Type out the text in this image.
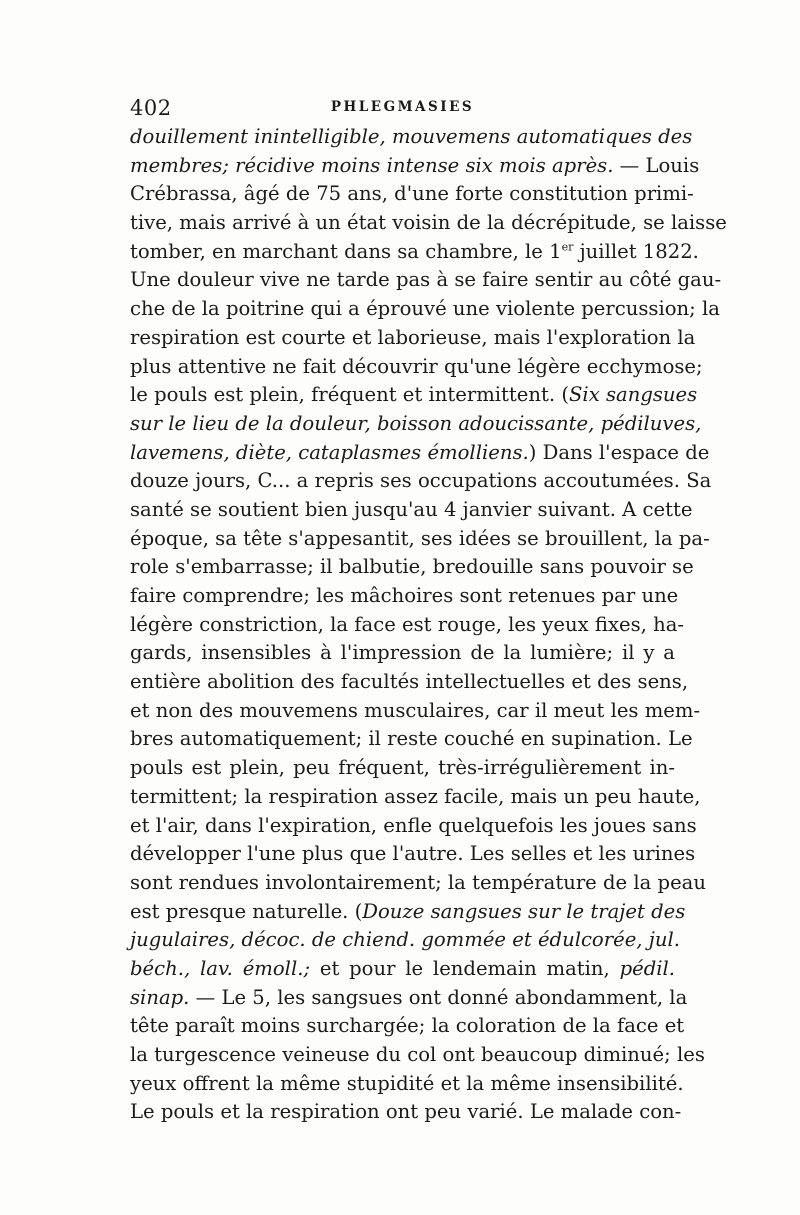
402	PHLEGMASIES
douillement inintelligible, mouvemens automatiques des
membres; récidive moins intense six mois après. — Louis
Crébrassa, âgé de 75 ans, d'une forte constitution primi-
tive, mais arrivé à un état voisin de la décrépitude, se laisse
tomber, en marchant dans sa chambre, le 1er juillet 1822.
Une douleur vive ne tarde pas à se faire sentir au côté gau-
che de la poitrine qui a éprouvé une violente percussion; la
respiration est courte et laborieuse, mais l'exploration la
plus attentive ne fait découvrir qu'une légère ecchymose;
le pouls est plein, fréquent et intermittent. (Six sangsues
sur le lieu de la douleur, boisson adoucissante, pédiluves,
lavemens, diète, cataplasmes émolliens.) Dans l'espace de
douze jours, C... a repris ses occupations accoutumées. Sa
santé se soutient bien jusqu'au 4 janvier suivant. A cette
époque, sa tête s'appesantit, ses idées se brouillent, la pa-
role s'embarrasse; il balbutie, bredouille sans pouvoir se
faire comprendre; les mâchoires sont retenues par une
légère constriction, la face est rouge, les yeux fixes, ha-
gards, insensibles à l'impression de la lumière; il y a
entière abolition des facultés intellectuelles et des sens,
et non des mouvemens musculaires, car il meut les mem-
bres automatiquement; il reste couché en supination. Le
pouls est plein, peu fréquent, très-irrégulièrement in-
termittent; la respiration assez facile, mais un peu haute,
et l'air, dans l'expiration, enfle quelquefois les joues sans
développer l'une plus que l'autre. Les selles et les urines
sont rendues involontairement; la température de la peau
est presque naturelle. (Douze sangsues sur le trajet des
jugulaires, décoc. de chiend. gommée et édulcorée, jul.
béch., lav. émoll.; et pour le lendemain matin, pédil.
sinap. — Le 5, les sangsues ont donné abondamment, la
tête paraît moins surchargée; la coloration de la face et
la turgescence veineuse du col ont beaucoup diminué; les
yeux offrent la même stupidité et la même insensibilité.
Le pouls et la respiration ont peu varié. Le malade con-
